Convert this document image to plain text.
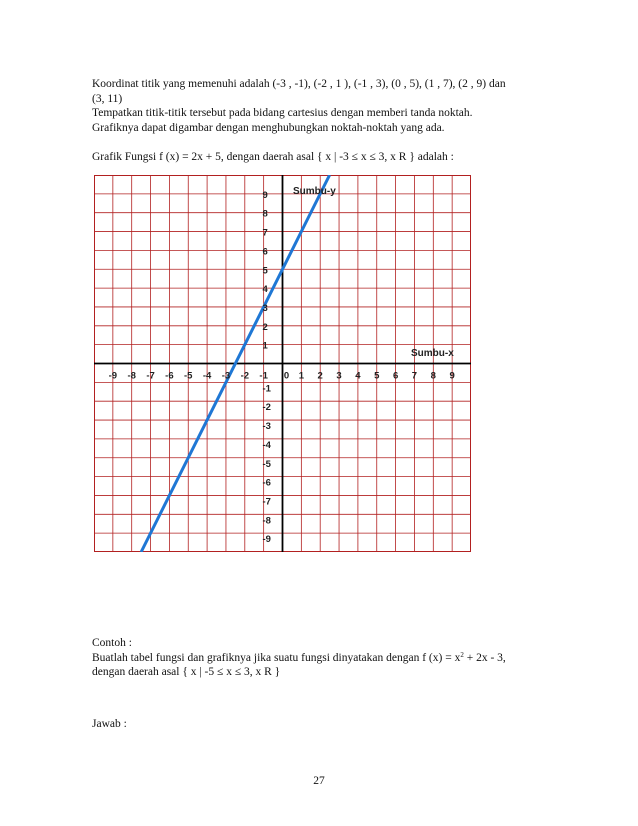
Koordinat titik yang memenuhi adalah (-3 , -1), (-2 , 1 ), (-1 , 3), (0 , 5), (1 , 7), (2 , 9) dan
(3, 11)
Tempatkan titik-titik tersebut pada bidang cartesius dengan memberi tanda noktah.
Grafiknya dapat digambar dengan menghubungkan noktah-noktah yang ada.
Grafik Fungsi f (x) = 2x + 5, dengan daerah asal { x | -3 ≤ x ≤ 3, x R } adalah :
-9 -8 -7 -6 -5 -4 -3 -2 -1 0 1 2 3 4 5 6 7 8 9
9
8
7
6
5
4
3
2
1
-1
-2
-3
-4
-5
-6
-7
-8
-9
Sumbu-y
Sumbu-x
Contoh :
Buatlah tabel fungsi dan grafiknya jika suatu fungsi dinyatakan dengan f $(x) = x^2 + 2x - 3$,
dengan daerah asal { x | -5 ≤ x ≤ 3, x R }
Jawab :
27
